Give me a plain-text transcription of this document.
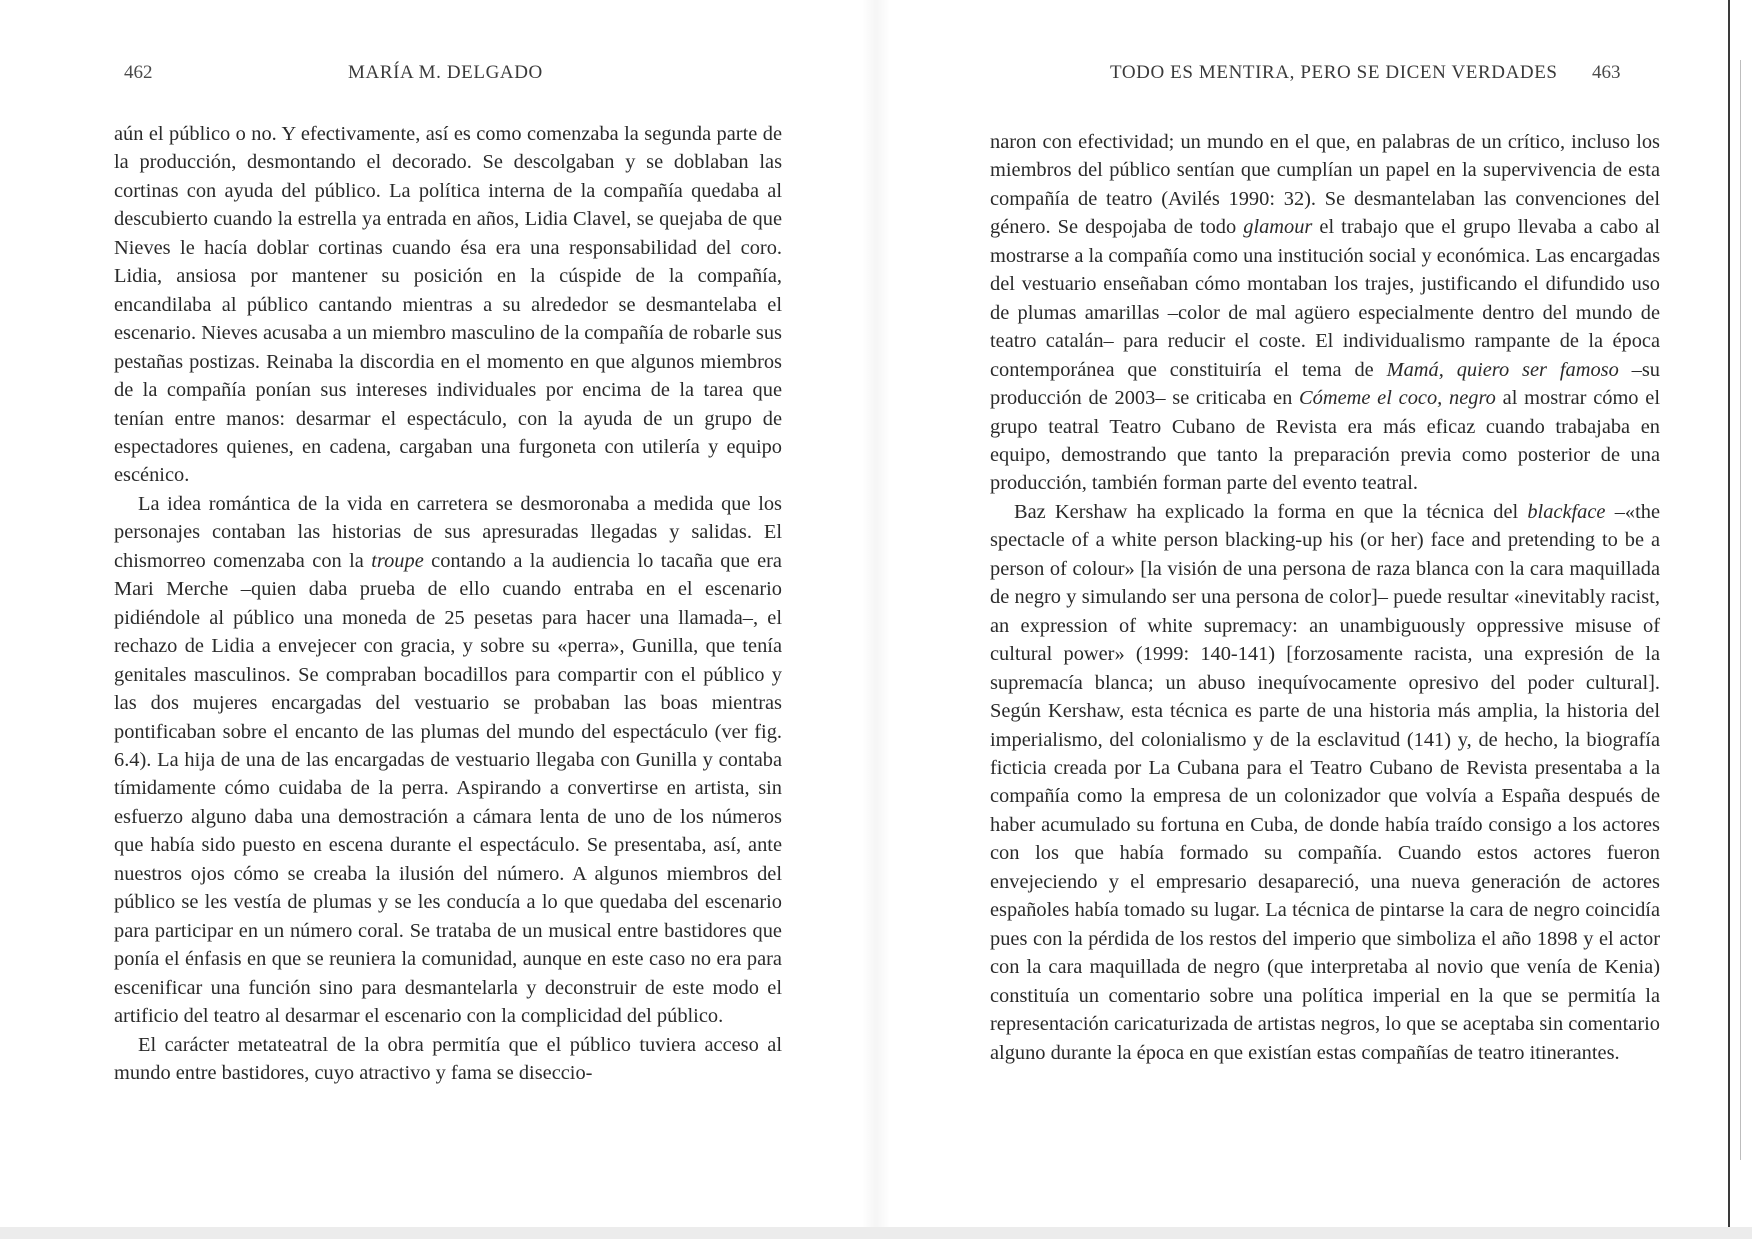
462	MARÍA M. DELGADO

aún el público o no. Y efectivamente, así es como comenzaba la segunda parte de la producción, desmontando el decorado. Se descolgaban y se doblaban las cortinas con ayuda del público. La política interna de la compañía quedaba al descubierto cuando la estrella ya entrada en años, Lidia Clavel, se quejaba de que Nieves le hacía doblar cortinas cuando ésa era una responsabilidad del coro. Lidia, ansiosa por mantener su posición en la cúspide de la compañía, encandilaba al público cantando mientras a su alrededor se desmantelaba el escenario. Nieves acusaba a un miembro masculino de la compañía de robarle sus pestañas postizas. Reinaba la discordia en el momento en que algunos miembros de la compañía ponían sus intereses individuales por encima de la tarea que tenían entre manos: desarmar el espectáculo, con la ayuda de un grupo de espectadores quienes, en cadena, cargaban una furgoneta con utilería y equipo escénico.

La idea romántica de la vida en carretera se desmoronaba a medida que los personajes contaban las historias de sus apresuradas llegadas y salidas. El chismorreo comenzaba con la troupe contando a la audiencia lo tacaña que era Mari Merche –quien daba prueba de ello cuando entraba en el escenario pidiéndole al público una moneda de 25 pesetas para hacer una llamada–, el rechazo de Lidia a envejecer con gracia, y sobre su «perra», Gunilla, que tenía genitales masculinos. Se compraban bocadillos para compartir con el público y las dos mujeres encargadas del vestuario se probaban las boas mientras pontificaban sobre el encanto de las plumas del mundo del espectáculo (ver fig. 6.4). La hija de una de las encargadas de vestuario llegaba con Gunilla y contaba tímidamente cómo cuidaba de la perra. Aspirando a convertirse en artista, sin esfuerzo alguno daba una demostración a cámara lenta de uno de los números que había sido puesto en escena durante el espectáculo. Se presentaba, así, ante nuestros ojos cómo se creaba la ilusión del número. A algunos miembros del público se les vestía de plumas y se les conducía a lo que quedaba del escenario para participar en un número coral. Se trataba de un musical entre bastidores que ponía el énfasis en que se reuniera la comunidad, aunque en este caso no era para escenificar una función sino para desmantelarla y deconstruir de este modo el artificio del teatro al desarmar el escenario con la complicidad del público.

El carácter metateatral de la obra permitía que el público tuviera acceso al mundo entre bastidores, cuyo atractivo y fama se diseccio-

TODO ES MENTIRA, PERO SE DICEN VERDADES 463

naron con efectividad; un mundo en el que, en palabras de un crítico, incluso los miembros del público sentían que cumplían un papel en la supervivencia de esta compañía de teatro (Avilés 1990: 32). Se desmantelaban las convenciones del género. Se despojaba de todo glamour el trabajo que el grupo llevaba a cabo al mostrarse a la compañía como una institución social y económica. Las encargadas del vestuario enseñaban cómo montaban los trajes, justificando el difundido uso de plumas amarillas –color de mal agüero especialmente dentro del mundo de teatro catalán– para reducir el coste. El individualismo rampante de la época contemporánea que constituiría el tema de Mamá, quiero ser famoso –su producción de 2003– se criticaba en Cómeme el coco, negro al mostrar cómo el grupo teatral Teatro Cubano de Revista era más eficaz cuando trabajaba en equipo, demostrando que tanto la preparación previa como posterior de una producción, también forman parte del evento teatral.

Baz Kershaw ha explicado la forma en que la técnica del blackface –«the spectacle of a white person blacking-up his (or her) face and pretending to be a person of colour» [la visión de una persona de raza blanca con la cara maquillada de negro y simulando ser una persona de color]– puede resultar «inevitably racist, an expression of white supremacy: an unambiguously oppressive misuse of cultural power» (1999: 140-141) [forzosamente racista, una expresión de la supremacía blanca; un abuso inequívocamente opresivo del poder cultural]. Según Kershaw, esta técnica es parte de una historia más amplia, la historia del imperialismo, del colonialismo y de la esclavitud (141) y, de hecho, la biografía ficticia creada por La Cubana para el Teatro Cubano de Revista presentaba a la compañía como la empresa de un colonizador que volvía a España después de haber acumulado su fortuna en Cuba, de donde había traído consigo a los actores con los que había formado su compañía. Cuando estos actores fueron envejeciendo y el empresario desapareció, una nueva generación de actores españoles había tomado su lugar. La técnica de pintarse la cara de negro coincidía pues con la pérdida de los restos del imperio que simboliza el año 1898 y el actor con la cara maquillada de negro (que interpretaba al novio que venía de Kenia) constituía un comentario sobre una política imperial en la que se permitía la representación caricaturizada de artistas negros, lo que se aceptaba sin comentario alguno durante la época en que existían estas compañías de teatro itinerantes.
